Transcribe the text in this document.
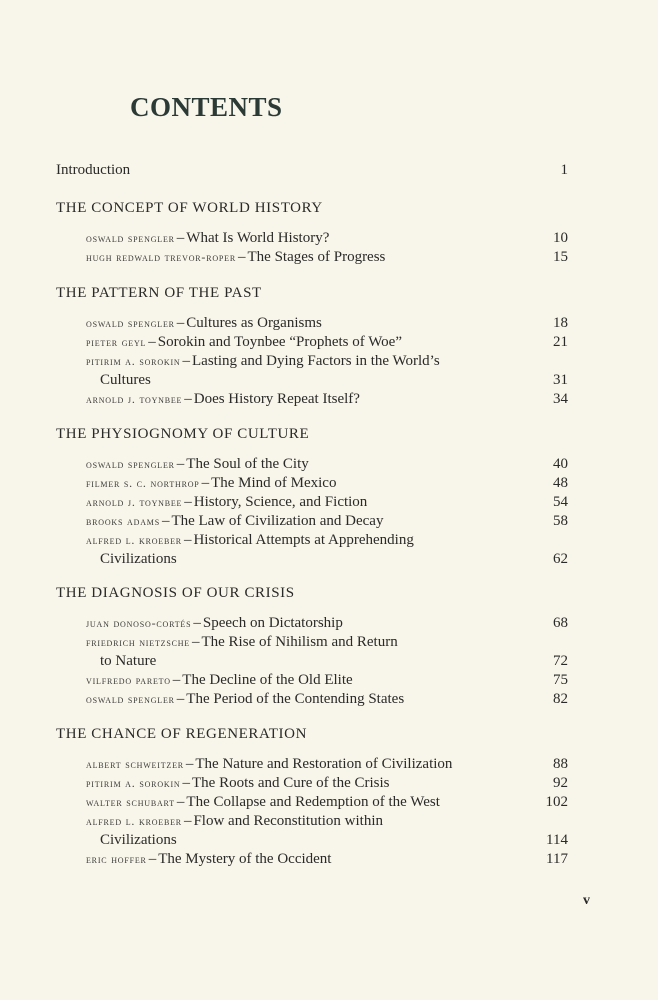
CONTENTS
Introduction	1
THE CONCEPT OF WORLD HISTORY
oswald spengler – What Is World History?	10
hugh redwald trevor-roper – The Stages of Progress	15
THE PATTERN OF THE PAST
oswald spengler – Cultures as Organisms	18
pieter geyl – Sorokin and Toynbee “Prophets of Woe”	21
pitirim a. sorokin – Lasting and Dying Factors in the World’s
Cultures	31
arnold j. toynbee – Does History Repeat Itself?	34
THE PHYSIOGNOMY OF CULTURE
oswald spengler – The Soul of the City	40
filmer s. c. northrop – The Mind of Mexico	48
arnold j. toynbee – History, Science, and Fiction	54
brooks adams – The Law of Civilization and Decay	58
alfred l. kroeber – Historical Attempts at Apprehending
Civilizations	62
THE DIAGNOSIS OF OUR CRISIS
juan donoso-cortés – Speech on Dictatorship	68
friedrich nietzsche – The Rise of Nihilism and Return
to Nature	72
vilfredo pareto – The Decline of the Old Elite	75
oswald spengler – The Period of the Contending States	82
THE CHANCE OF REGENERATION
albert schweitzer – The Nature and Restoration of Civilization	88
pitirim a. sorokin – The Roots and Cure of the Crisis	92
walter schubart – The Collapse and Redemption of the West	102
alfred l. kroeber – Flow and Reconstitution within
Civilizations	114
eric hoffer – The Mystery of the Occident	117
v
